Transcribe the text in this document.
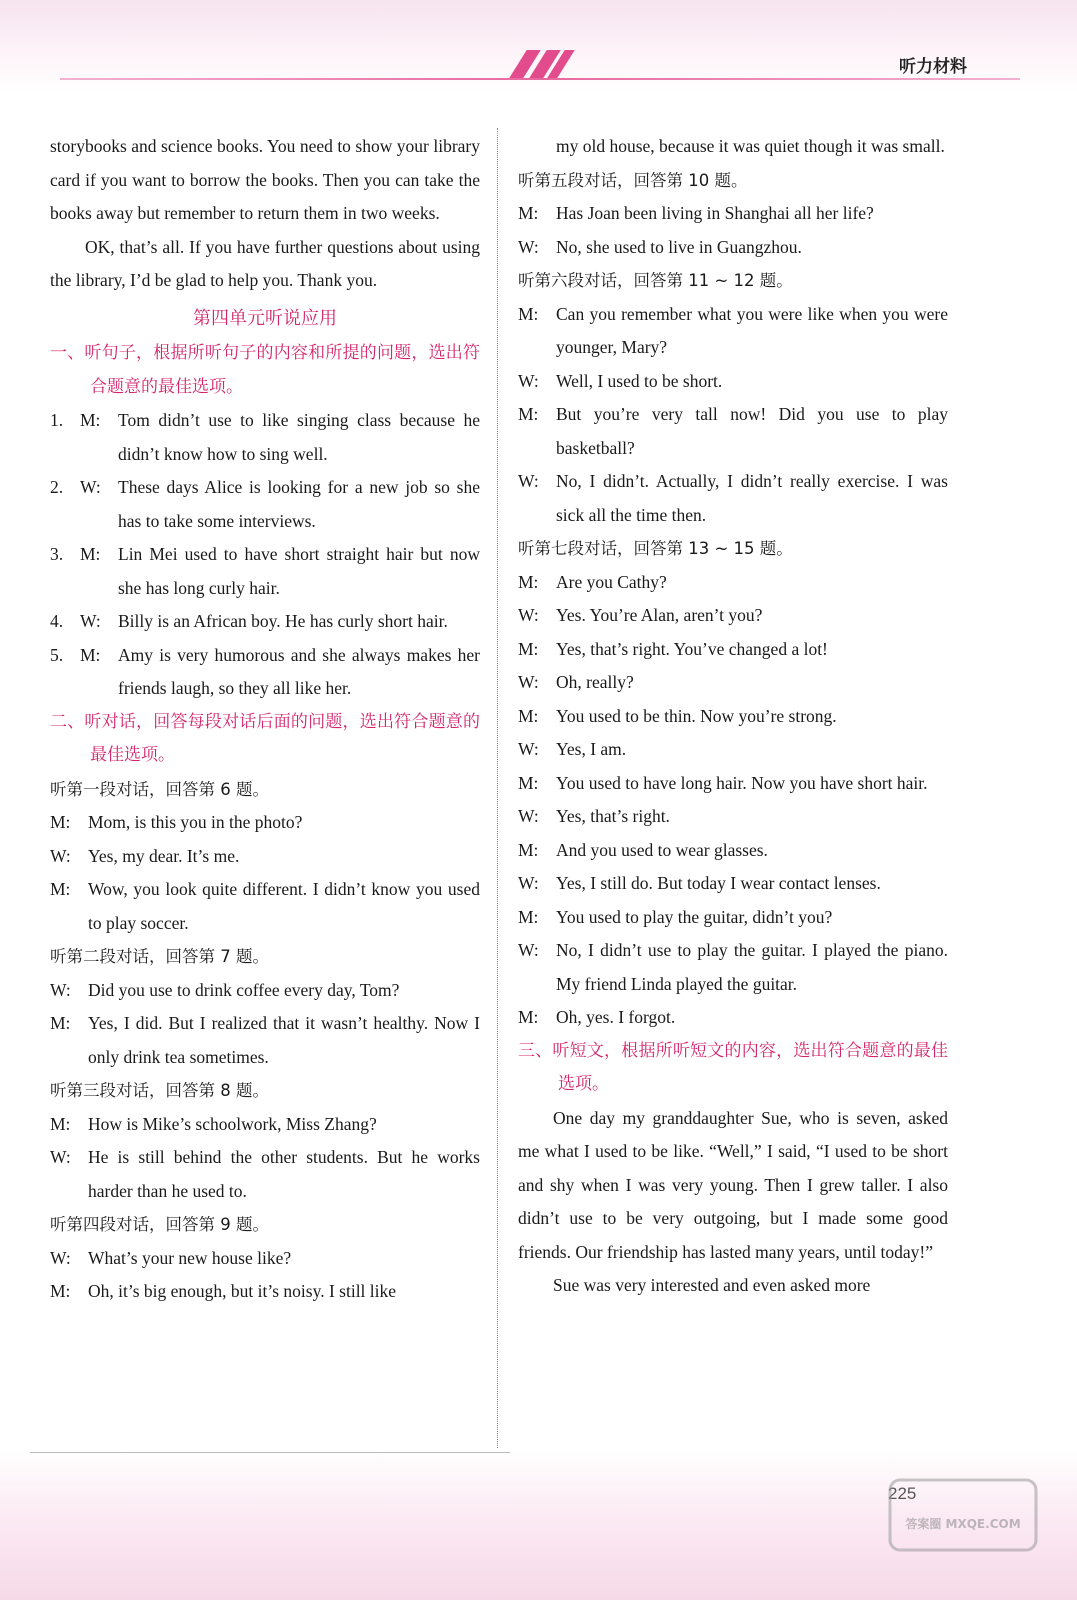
听力材料

storybooks and science books. You need to show your library card if you want to borrow the books. Then you can take the books away but remember to return them in two weeks.

OK, that’s all. If you have further questions about using the library, I’d be glad to help you. Thank you.

第四单元听说应用

一、听句子，根据所听句子的内容和所提的问题，选出符合题意的最佳选项。

1. M:	Tom didn’t use to like singing class because he didn’t know how to sing well.
2. W: These days Alice is looking for a new job so she has to take some interviews.
3. M:	Lin Mei used to have short straight hair but now she has long curly hair.
4. W: Billy is an African boy. He has curly short hair.
5. M:	Amy is very humorous and she always makes her friends laugh, so they all like her.

二、听对话，回答每段对话后面的问题，选出符合题意的最佳选项。

听第一段对话，回答第 6 题。

M:	Mom, is this you in the photo?
W: Yes, my dear. It’s me.
M:	Wow, you look quite different. I didn’t know you used to play soccer.

听第二段对话，回答第 7 题。

W: Did you use to drink coffee every day, Tom?
M:	Yes, I did. But I realized that it wasn’t healthy. Now I only drink tea sometimes.

听第三段对话，回答第 8 题。

M:	How is Mike’s schoolwork, Miss Zhang?
W: He is still behind the other students. But he works harder than he used to.

听第四段对话，回答第 9 题。

W: What’s your new house like?
M:	Oh, it’s big enough, but it’s noisy. I still like

my old house, because it was quiet though it was small.

听第五段对话，回答第 10 题。

M:	Has Joan been living in Shanghai all her life?
W: No, she used to live in Guangzhou.

听第六段对话，回答第 11 ~ 12 题。

M:	Can you remember what you were like when you were younger, Mary?
W: Well, I used to be short.
M:	But you’re very tall now! Did you use to play basketball?
W: No, I didn’t. Actually, I didn’t really exercise. I was sick all the time then.

听第七段对话，回答第 13 ~ 15 题。

M:	Are you Cathy?
W: Yes. You’re Alan, aren’t you?
M:	Yes, that’s right. You’ve changed a lot!
W: Oh, really?
M:	You used to be thin. Now you’re strong.
W: Yes, I am.
M:	You used to have long hair. Now you have short hair.
W: Yes, that’s right.
M:	And you used to wear glasses.
W: Yes, I still do. But today I wear contact lenses.
M:	You used to play the guitar, didn’t you?
W: No, I didn’t use to play the guitar. I played the piano. My friend Linda played the guitar.
M:	Oh, yes. I forgot.

三、听短文，根据所听短文的内容，选出符合题意的最佳选项。

One day my granddaughter Sue, who is seven, asked me what I used to be like. “Well,” I said, “I used to be short and shy when I was very young. Then I grew taller. I also didn’t use to be very outgoing, but I made some good friends. Our friendship has lasted many years, until today!”

Sue was very interested and even asked more

225
答案圈 MXQE.COM
